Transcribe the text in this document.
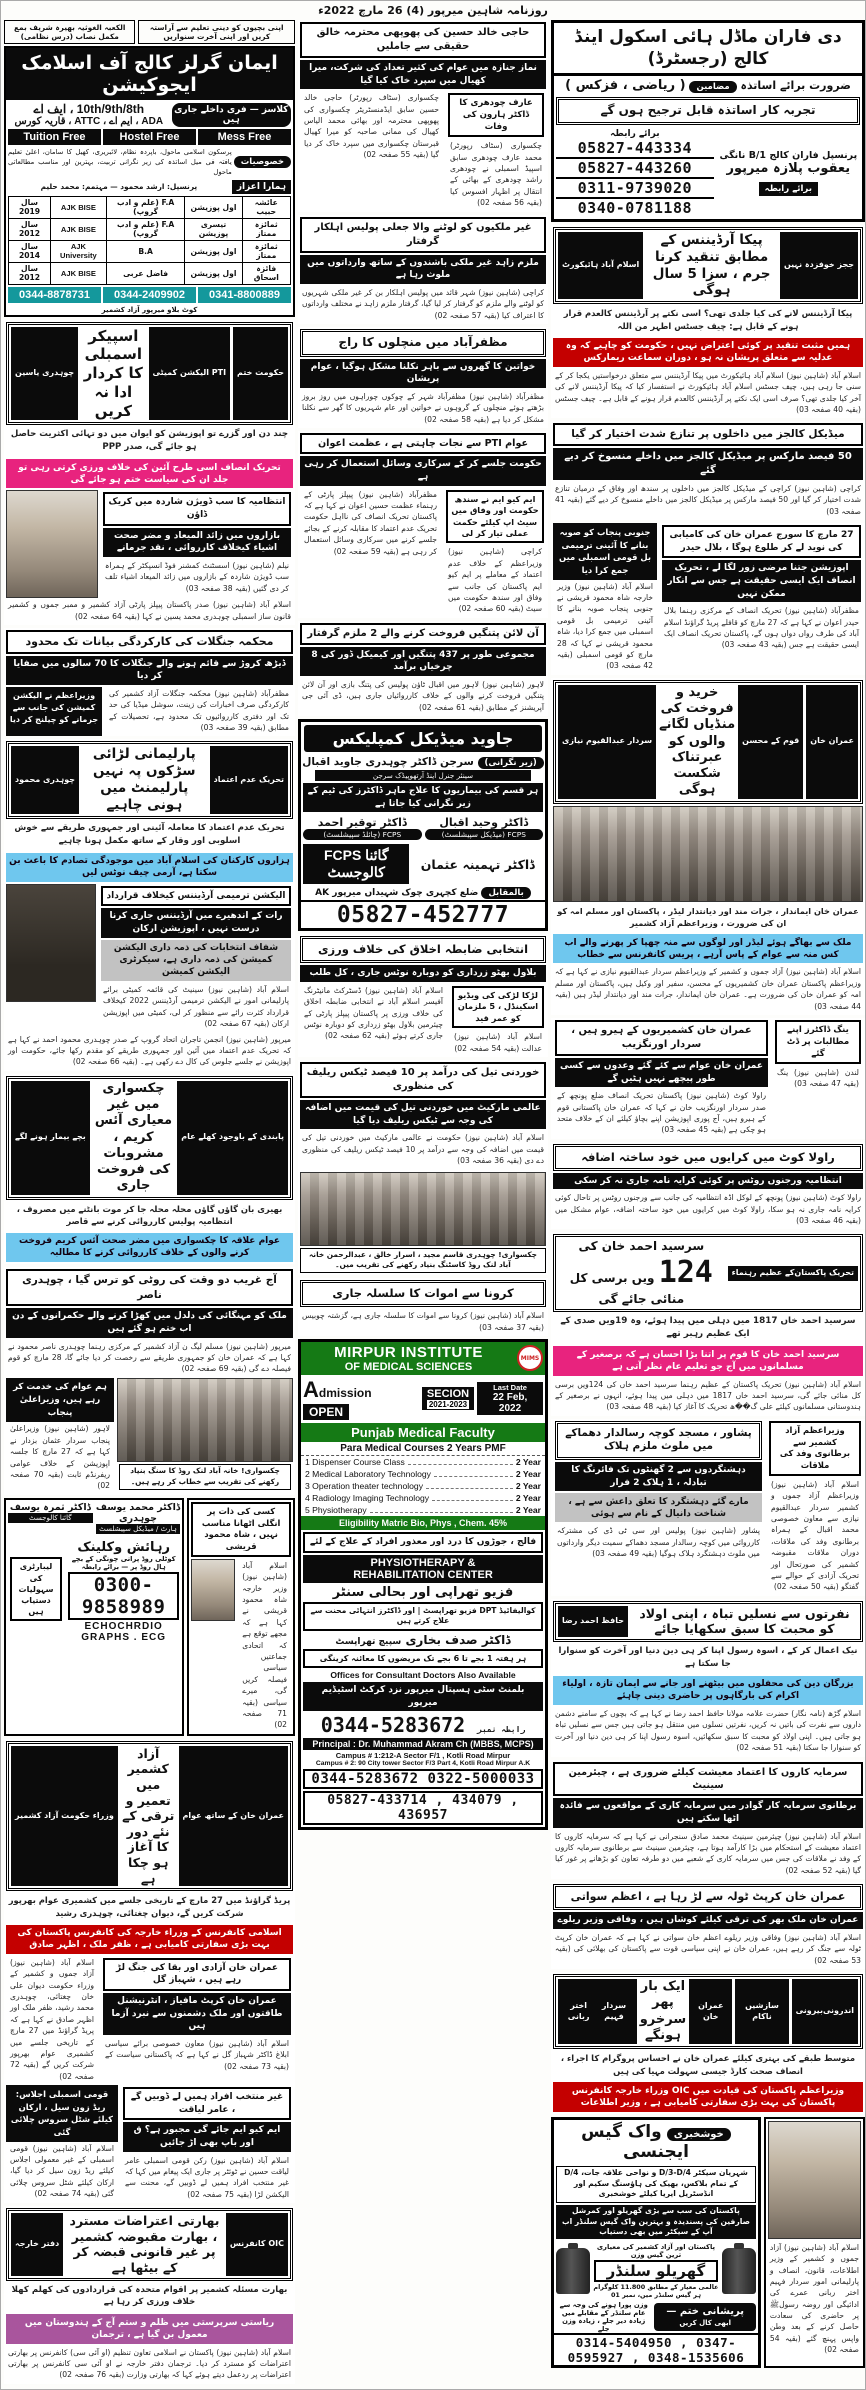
روزنامہ شاہین میرپور (4) 26 مارچ 2022ء
الکعبہ الغوثیہ بھیرہ شریف بمع مکمل نصاب (درس نظامی)
اپنی بچیوں کو دینی تعلیم سے آراستہ کریں اور اپنی آخرت سنواریں
ایمان گرلز کالج آف اسلامک ایجوکیشن
کلاسز — فری داخلے جاری ہیں
10th/9th/8th ، ایف اے
ADA ، ایم اے ، ATTC ، قاریہ کورس
Tuition Free	Hostel Free	Mess Free
خصوصیات
پرسکون اسلامی ماحول، باپردہ نظام، لائبریری، کھیل کا سامان، اعلیٰ تعلیم یافتہ فی میل اساتذہ کی زیر نگرانی تربیت، بہترین اور مناسب مطالعاتی ماحول
ہمارا اعزاز
پرنسپل: ارشد محمود — مہتمم: محمد حلیم
عائشہ حبیب	اول پوزیشن	F.A (علم و ادب گروپ)	AJK BISE	سال 2019
ثمائزہ ممتاز	تیسری پوزیشن	F.A (علم و ادب گروپ)	AJK BISE	سال 2012
ثمائزہ ممتاز	اول پوزیشن	B.A	AJK University	سال 2014
فائزہ اسحاق	اول پوزیشن	فاضل عربی	AJK BISE	سال 2012
0341-8800889
0344-2409902
0344-8878731
کوٹ بلاو میرپور آزاد کشمیر
حکومت ختم
PTI الیکشن کمیٹی
اسپیکر اسمبلی کا کردار ادا نہ کریں
چوہدری یاسین
چند دن اور گزرے تو اپوزیشن کو ایوان میں دو تہائی اکثریت حاصل ہو جائے گی، صدر PPP
تحریک انصاف اسی طرح آئین کی خلاف ورزی کرتی رہی تو جلد ان کی سیاست ختم ہو جائے گی
انتظامیہ کا سب ڈویژن شاردہ میں کریک ڈاؤن
بازاروں میں زائد المیعاد و مضر صحت اشیاء کیخلاف کارروائی ، نقد جرمانے
نیلم (شاہین نیوز) اسسٹنٹ کمشنر فوڈ انسپکٹر کے ہمراہ سب ڈویژن شاردہ کے بازاروں میں زائد المیعاد اشیاء تلف کر دی گئیں (بقیہ 38 صفحہ 03)
اسلام آباد (شاہین نیوز) صدر پاکستان پیپلز پارٹی آزاد کشمیر و ممبر جموں و کشمیر قانون ساز اسمبلی چوہدری محمد یسین نے کہا (بقیہ 64 صفحہ 02)
محکمہ جنگلات کی کارکردگی بیانات تک محدود
ڈیڑھ کروڑ سے قائم ہونے والے جنگلات کا 70 سالوں میں صفایا کر دیا
وزیراعظم نے الیکشن کمیشن کی جانب سے جرمانے کو چیلنج کر دیا
مظفرآباد (شاہین نیوز) محکمہ جنگلات آزاد کشمیر کی کارکردگی صرف اخبارات کی زینت، سوشل میڈیا کی حد تک اور دفتری کارروائیوں تک محدود ہے، تحصیلات کے مطابق (بقیہ 39 صفحہ 03)
تحریک عدم اعتماد
پارلیمانی لڑائی سڑکوں پہ نہیں پارلیمنٹ میں ہونی چاہیے
چوہدری محمود
تحریک عدم اعتماد کا معاملہ آئینی اور جمہوری طریقے سے خوش اسلوبی اور وقار کے ساتھ مکمل ہونا چاہیے
ہزاروں کارکنان کی اسلام آباد میں موجودگی تصادم کا باعث بن سکتا ہے، آرمی چیف نوٹس لیں
الیکشن ترمیمی آرڈیننس کیخلاف قرارداد
رات کے اندھیرے میں آرڈیننس جاری کرنا درست نہیں ، اپوزیشن ارکان
شفاف انتخابات کی ذمہ داری الیکشن کمیشن کی ذمہ داری ہے، سیکرٹری الیکشن کمیشن
اسلام آباد (شاہین نیوز) سینیٹ کی قائمہ کمیٹی برائے پارلیمانی امور نے الیکشن ترمیمی آرڈیننس 2022 کیخلاف قرارداد کثرت رائے سے منظور کر لی، کمیٹی میں اپوزیشن ارکان (بقیہ 67 صفحہ 02)
میرپور (شاہین نیوز) انجمن تاجران اتحاد گروپ کے صدر چوہدری محمود احمد نے کہا ہے کہ تحریک عدم اعتماد میں آئین اور جمہوری طریقے کو مقدم رکھا جائے، حکومت اور اپوزیشن نے جلسے جلوس کی کال دے رکھی ہے۔ (بقیہ 66 صفحہ 02)
پابندی کے باوجود کھلے عام
چکسواری میں غیر معیاری آئس کریم ، مشروبات کی فروخت جاری
بچے بیمار ہونے لگے
بھیری بان گاؤں گاؤں محلہ محلہ جا کر موت بانٹنے میں مصروف ، انتظامیہ پولیس کارروائی کرنے سے قاصر
عوام علاقہ کا چکسواری میں مضر صحت آئس کریم فروخت کرنے والوں کے خلاف کارروائی کرنے کا مطالبہ
آج غریب دو وقت کی روٹی کو ترس گیا ، چوہدری ناصر
ملک کو مہنگائی کی دلدل میں کھڑا کرنے والے حکمرانوں کے دن اب ختم ہو گئے ہیں
میرپور (شاہین نیوز) مسلم لیگ ن آزاد کشمیر کے مرکزی رہنما چوہدری ناصر محمود نے کہا ہے کہ عمران خان کو جمہوری طریقے سے رخصت کر دیا جائے گا، 28 مارچ کو قوم فیصلہ دے گی (بقیہ 69 صفحہ 02)
ہم عوام کی خدمت کر رہے ہیں، وزیراعلیٰ پنجاب
لاہور (شاہین نیوز) وزیراعلیٰ پنجاب سردار عثمان بزدار نے کہا ہے کہ 27 مارچ کا جلسہ اپوزیشن کے خلاف عوامی ریفرنڈم ثابت (بقیہ 70 صفحہ 02)
چکسواری! خانہ آباد لنک روڈ کا سنگ بنیاد رکھنے کی تقریب سے خطاب کر رہے ہیں۔
ڈاکٹر ثمرہ یوسف
گائنا کالوجسٹ
ڈاکٹر محمد یوسف چوہدری
ہارٹ / میڈیکل سپیشلسٹ
لیبارٹری کی سہولیات دستیاب ہیں
رہائش وکلینک
کوٹلی روڈ پرانی چونگی کے بچے ہال روڈ پر — برائے رابطہ
0300-9858989
ECHOCHRDIO GRAPHS . ECG
کسی کی ذات پر انگلی اٹھانا مناسب نہیں ، شاہ محمود قریشی
اسلام آباد (شاہین نیوز) وزیر خارجہ شاہ محمود قریشی نے کہا ہے کہ مجھے توقع ہے کہ اتحادی جماعتیں سیاسی فیصلہ کریں گی، میرے سیاسی (بقیہ 71 صفحہ 02)
عمران خان کے ساتھ عوام
آزاد کشمیر میں تعمیر و ترقی کے نئے دور کا آغاز ہو چکا ہے
وزراء حکومت آزاد کشمیر
پریڈ گراؤنڈ میں 27 مارچ کے تاریخی جلسے میں کشمیری عوام بھرپور شرکت کریں گے، دیوان چغتائی، چوہدری رشید
اسلامی کانفرنس کے وزراء خارجہ کی کانفرنس پاکستان کی بہت بڑی سفارتی کامیابی ہے ، ظفر ملک ، اظہر صادق
اسلام آباد (شاہین نیوز) آزاد جموں و کشمیر کے وزراء حکومت دیوان علی خان چغتائی، چوہدری محمد رشید، ظفر ملک اور اظہر صادق نے کہا ہے کہ پریڈ گراؤنڈ میں 27 مارچ کے تاریخی جلسے میں کشمیری عوام بھرپور شرکت کریں گے (بقیہ 72 صفحہ 02)
عمران خان آزادی اور بقا کی جنگ لڑ رہے ہیں ، شہباز گل
عمران خان کرپٹ مافیاز ، انٹرنیشنل طاقتوں اور ملک دشمنوں سے نبرد آزما ہیں
اسلام آباد (شاہین نیوز) معاون خصوصی برائے سیاسی ابلاغ ڈاکٹر شہباز گل نے کہا ہے کہ پاکستانی سیاست کے (بقیہ 73 صفحہ 02)
قومی اسمبلی اجلاس: ریڈ زون سیل ، ارکان کیلئے شٹل سروس چلائی گئی
اسلام آباد (شاہین نیوز) قومی اسمبلی کے غیر معمولی اجلاس کیلئے ریڈ زون سیل کر دیا گیا، ارکان کیلئے شٹل سروس چلائی گئی (بقیہ 74 صفحہ 02)
غیر منتخب افراد ہمیں لے ڈوبیں گے ، عامر لیاقت
ایم کیو ایم جائے گی مجبور ہے؟ ق اور باپ بھی اڑ جائیں
اسلام آباد (شاہین نیوز) رکن قومی اسمبلی عامر لیاقت حسین نے ٹوئٹر پر جاری ایک پیغام میں کہا کہ غیر منتخب افراد ہمیں لے ڈوبیں گے، محنت سے الیکشن لڑا (بقیہ 75 صفحہ 02)
OIC کانفرنس
بھارتی اعتراضات مسترد ، بھارت مقبوضہ کشمیر پر غیر قانونی قبضہ کر کے بیٹھا ہے
دفتر خارجہ
بھارت مسئلہ کشمیر پر اقوام متحدہ کی قراردادوں کی کھلم کھلا خلاف ورزی کر رہا ہے
ریاستی سرپرستی میں ظلم و ستم آج کے ہندوستان میں معمول بن گیا ہے ، ترجمان
اسلام آباد (شاہین نیوز) پاکستان نے اسلامی تعاون تنظیم (او آئی سی) کانفرنس پر بھارتی اعتراضات کو مسترد کر دیا۔ ترجمان دفتر خارجہ نے او آئی سی کانفرنس پر بھارتی اعتراضات پر ردعمل دیتے ہوئے کہا کہ بھارتی وزارت (بقیہ 76 صفحہ 02)
حاجی خالد حسین کی پھوپھی محترمہ خالق حقیقی سے جاملیں
نماز جنازہ میں عوام کی کثیر تعداد کی شرکت، میرا کھیال میں سپرد خاک کیا گیا
چکسواری (سٹاف رپورٹر) حاجی خالد حسین سابق ایڈمنسٹریٹر چکسواری کی پھوپھی محترمہ اور بھائی محمد الیاس کھیال کی ممانی صاحبہ کو میرا کھیال قبرستان چکسواری میں سپرد خاک کر دیا گیا (بقیہ 55 صفحہ 02)
عارف چودھری کا ڈاکٹر ہارون کی وفات
چکسواری (سٹاف رپورٹر) محمد عارف چودھری سابق اسپیڈ اسمبلی نے چودھری راشد چودھری کے بھائی کے انتقال پر اظہار افسوس کیا (بقیہ 56 صفحہ 02)
غیر ملکیوں کو لوٹنے والا جعلی پولیس اہلکار گرفتار
ملزم زاہد غیر ملکی باشندوں کے ساتھ وارداتوں میں ملوث رہا ہے
کراچی (شاہین نیوز) شہر قائد میں پولیس اہلکار بن کر غیر ملکی شہریوں کو لوٹنے والے ملزم کو گرفتار کر لیا گیا، گرفتار ملزم زاہد نے مختلف وارداتوں کا اعتراف کیا (بقیہ 57 صفحہ 02)
مظفرآباد میں منچلوں کا راج
خواتین کا گھروں سے باہر نکلنا مشکل ہوگیا ، عوام پریشان
مظفرآباد (شاہین نیوز) مظفرآباد شہر کے چوکوں چوراہوں میں روز بروز بڑھتے ہوئے منچلوں کے گروہوں نے خواتین اور عام شہریوں کا گھر سے نکلنا مشکل کر دیا ہے (بقیہ 58 صفحہ 02)
عوام PTI سے نجات چاہتی ہے ، عظمت اعوان
حکومت جلسے کر کے سرکاری وسائل استعمال کر رہی ہے
مظفرآباد (شاہین نیوز) پیپلز پارٹی کے رہنماء عظمت حسین اعوان نے کہا ہے کہ پاکستان تحریک انصاف کی نااہل حکومت تحریک عدم اعتماد کا مقابلہ کرنے کے بجائے جلسے کرنے میں سرکاری وسائل استعمال کر رہی ہے (بقیہ 59 صفحہ 02)
ایم کیو ایم نے سندھ حکومت اور وفاق میں سیٹ اپ کیلئے حکمت عملی تیار کر لی
کراچی (شاہین نیوز) وزیراعظم کے خلاف عدم اعتماد کے معاملے پر ایم کیو ایم پاکستان کی جانب سے وفاق اور سندھ حکومت میں سیٹ (بقیہ 60 صفحہ 02)
آن لائن پتنگیں فروخت کرنے والے 2 ملزم گرفتار
مجموعی طور پر 437 پتنگیں اور کیمیکل ڈور کی 8 چرخیاں برآمد
لاہور (شاہین نیوز) لاہور میں اقبال ٹاؤن پولیس کی پتنگ بازی اور آن لائن پتنگیں فروخت کرنے والوں کے خلاف کارروائیاں جاری ہیں، ڈی آئی جی آپریشنز کے مطابق (بقیہ 61 صفحہ 02)
جاوید میڈیکل کمپلیکس
(زیر نگرانی) سرجن ڈاکٹر چوہدری جاوید اقبال
سینئر جنرل اینڈ آرتھوپیڈک سرجن
ہر قسم کی بیماریوں کا علاج ماہر ڈاکٹرز کی ٹیم کے زیر نگرانی کیا جاتا ہے
ڈاکٹر توقیر احمد
FCPS (چائلڈ سپیشلسٹ)
ڈاکٹر وحید اقبال
FCPS (میڈیکل سپیشلسٹ)
FCPS گائنا کالوجسٹ	ڈاکٹر تہمینہ عثمان
بالمقابل ضلع کچہری چوک شہیداں میرپور AK
05827-452777
انتخابی ضابطہ اخلاق کی خلاف ورزی
بلاول بھٹو زرداری کو دوبارہ نوٹس جاری ، کل طلب
اسلام آباد (شاہین نیوز) ڈسٹرکٹ مانیٹرنگ آفیسر اسلام آباد نے انتخابی ضابطہ اخلاق کی خلاف ورزی پر پاکستان پیپلز پارٹی کے چیئرمین بلاول بھٹو زرداری کو دوبارہ نوٹس جاری کرتے ہوئے (بقیہ 62 صفحہ 02)
لڑکا لڑکی کی ویڈیو اسکینڈل ، 5 ملزمان کو عمر قید
اسلام آباد (شاہین نیوز) عدالت (بقیہ 54 صفحہ 02)
خوردنی تیل کی درآمد پر 10 فیصد ٹیکس ریلیف کی منظوری
عالمی مارکیٹ میں خوردنی تیل کی قیمت میں اضافہ کی وجہ سے ٹیکس ریلیف دیا گیا
اسلام آباد (شاہین نیوز) حکومت نے عالمی مارکیٹ میں خوردنی تیل کی قیمت میں اضافہ کی وجہ سے درآمد پر 10 فیصد ٹیکس ریلیف کی منظوری دے دی (بقیہ 36 صفحہ 03)
چکسواری! چوہدری قاسم مجید ، اسرار خالق ، عبدالرحمن خانہ آباد لنک روڈ کاسٹنگ بنیاد رکھنے کی تقریب میں۔
کرونا سے اموات کا سلسلہ جاری
اسلام آباد (شاہین نیوز) کرونا سے اموات کا سلسلہ جاری ہے، گزشتہ چوبیس (بقیہ 37 صفحہ 03)
MIRPUR INSTITUTE
OF MEDICAL SCIENCES
MIMS
Admission OPEN
SECION
2021-2023
Last Date
22 Feb, 2022
Punjab Medical Faculty
Para Medical Courses 2 Years PMF
1
Dispenser Course Class	2 Year
2
Medical Laboratory Technology	2 Year
3
Operation theater technology	2 Year
4
Radiology Imaging Technology	2 Year
5
Physiotherapy	2 Year
Eligibility Matric Bio, Phys , Chem. 45%
فالج ، جوڑوں کا درد اور معذور افراد کے علاج کے لئے
PHYSIOTHERAPY &
REHABILITATION CENTER
فزیو تھراپی اور بحالی سنٹر
کوالیفائیڈ DPT فزیو تھراپسٹ | اور ڈاکٹرز انتہائی محنت سے علاج کرتے ہیں
ڈاکٹر صدف بخاری سپیچ تھراپسٹ
ہر ہفتہ 1 بجے تا 6 بجے تک مریضوں کا معائنہ کرینگی
Offices for Consultant Doctors Also Available
بلمنٹ سٹی ہسپتال میرپور نزد کرکٹ اسٹیڈیم میرپور
0344-5283672 رابطہ نمبر
Principal : Dr. Muhammad Akram Ch (MBBS, MCPS)
Campus # 1:212-A Sector F/1 , Kotli Road Mirpur
Campus # 2: 90 City tower Sector F/3 Part 4, Kotli Road Mirpur A.K
0344-5283672 0322-5000033
05827-433714 , 434079 , 436957
دی فاران ماڈل ہائی اسکول اینڈ کالج (رجسٹرڈ)
ضرورت برائے اساتذہ مضامین ( ریاضی ، فزکس )
تجربہ کار اساتذہ قابل ترجیح ہوں گے
برائے رابطہ
05827-443334
05827-443260
0311-9739020
0340-0781188
پرنسپل فاران کالج B/1 نانگی
یعقوب پلازہ میرپور
برائے رابطہ
ججز خوفزدہ نہیں
پیکا آرڈیننس کے مطابق تنقید کرنا جرم ، سزا 5 سال ہوگی
اسلام آباد ہائیکورٹ
پیکا آرڈیننس لانے کی کیا جلدی تھی؟ اسی نکتے پر آرڈیننس کالعدم قرار ہونے کے قابل ہے: چیف جسٹس اطہر من اللہ
ہمیں مثبت تنقید پر کوئی اعتراض نہیں ، حکومت کو چاہیے کہ وہ عدلیہ سے متعلق پریشان نہ ہو ، دوران سماعت ریمارکس
اسلام آباد (شاہین نیوز) اسلام آباد ہائیکورٹ میں پیکا آرڈیننس سے متعلق درخواستیں یکجا کر کے سنی جا رہی ہیں، چیف جسٹس اسلام آباد ہائیکورٹ نے استفسار کیا کہ پیکا آرڈیننس لانے کی آخر کیا جلدی تھی؟ صرف اسی ایک نکتے پر آرڈیننس کالعدم قرار ہونے کے قابل ہے۔ چیف جسٹس (بقیہ 40 صفحہ 03)
میڈیکل کالجز میں داخلوں پر تنازع شدت اختیار کر گیا
50 فیصد مارکس پر میڈیکل کالجز میں داخلے منسوخ کر دیے گئے
کراچی (شاہین نیوز) کراچی کے میڈیکل کالجز میں داخلوں پر سندھ اور وفاق کے درمیان تنازع شدت اختیار کر گیا اور 50 فیصد مارکس پر میڈیکل کالجز میں داخلے منسوخ کر دیے گئے (بقیہ 41 صفحہ 03)
جنوبی پنجاب کو صوبہ بنانے کا آئینی ترمیمی بل قومی اسمبلی میں جمع کرا دیا
اسلام آباد (شاہین نیوز) وزیر خارجہ شاہ محمود قریشی نے جنوبی پنجاب صوبہ بنانے کا آئینی ترمیمی بل قومی اسمبلی میں جمع کرا دیا، شاہ محمود قریشی نے کہا کہ 28 مارچ کو قومی اسمبلی (بقیہ 42 صفحہ 03)
27 مارچ کا سورج عمران خان کی کامیابی کی نوید لے کر طلوع ہوگا ، بلال حیدر
اپوزیشن جتنا مرضی زور لگا لے ، تحریک انصاف ایک ایسی حقیقت ہے جس سے انکار ممکن نہیں
مظفرآباد (شاہین نیوز) تحریک انصاف کے مرکزی رہنما بلال حیدر اعوان نے کہا ہے کہ 27 مارچ کو قافلے پریڈ گراؤنڈ اسلام آباد کی طرف رواں دواں ہوں گے، پاکستان تحریک انصاف ایک ایسی حقیقت ہے جس (بقیہ 43 صفحہ 03)
عمران خان
قوم کے محسن
خرید و فروخت کی منڈیاں لگانے والوں کو عبرتناک شکست ہوگی
سردار عبدالقیوم نیازی
عمران خان ایماندار ، جرات مند اور دیانتدار لیڈر ، پاکستان اور مسلم امہ کو ان کی ضرورت ، وزیراعظم آزاد کشمیر
ملک سے بھاگے ہوئے لیڈر اور لوگوں سے منہ چھپا کر پھرنے والے اب کس منہ سے عوام کے پاس آرہے ، پریس کانفرنس سے خطاب
اسلام آباد (شاہین نیوز) آزاد جموں و کشمیر کے وزیراعظم سردار عبدالقیوم نیازی نے کہا ہے کہ وزیراعظم پاکستان عمران خان کشمیریوں کے محسن، سفیر اور وکیل ہیں، پاکستان اور مسلم امہ کو عمران خان کی ضرورت ہے۔ عمران خان ایماندار، جرات مند اور دیانتدار لیڈر ہیں (بقیہ 44 صفحہ 03)
عمران خان کشمیریوں کے ہیرو ہیں ، سردار اورنگزیب
عمران خان عوام سے کئے گئے وعدوں سے کسی طور پیچھے نہیں ہٹیں گے
راولا کوٹ (شاہین نیوز) پاکستان تحریک انصاف ضلع پونچھ کے صدر سردار اورنگزیب خان نے کہا کہ عمران خان پاکستانی قوم کے ہیرو ہیں، آج پوری اپوزیشن اپنے بچاؤ کیلئے ان کے خلاف متحد ہو چکی ہے (بقیہ 45 صفحہ 03)
ینگ ڈاکٹرز اپنے مطالبات پر ڈٹ گئے
لندن (شاہین نیوز) ینگ (بقیہ 47 صفحہ 03)
راولا کوٹ میں کرایوں میں خود ساختہ اضافہ
انتظامیہ ورجنوں روٹس پر کوئی کرایہ نامہ جاری نہ کر سکی
راولا کوٹ (شاہین نیوز) پونچھ کے لوکل اڈہ انتظامیہ کی جانب سے ورجنوں روٹس پر تاحال کوئی کرایہ نامہ جاری نہ ہو سکا، راولا کوٹ میں کرایوں میں خود ساختہ اضافہ، عوام مشکل میں (بقیہ 46 صفحہ 03)
تحریک پاکستان
کے عظیم رہنماء
سرسید احمد خان کی 124 ویں برسی کل منائی جائے گی
سرسید احمد خاں 1817 میں دہلی میں پیدا ہوئے، وہ 19ویں صدی کے ایک عظیم رہبر تھے
سرسید احمد خان کا قوم پر اتنا بڑا احسان ہے کہ برصغیر کے مسلمانوں میں آج جو تعلیم عام نظر آتی ہے
اسلام آباد (شاہین نیوز) تحریک پاکستان کے عظیم رہنما سرسید احمد خاں کی 124ویں برسی کل منائی جائے گی، سرسید احمد خاں 1817 میں دہلی میں پیدا ہوئے، انہوں نے برصغیر کے ہندوستانی مسلمانوں کیلئے علی گ��ھ تحریک کا آغاز کیا (بقیہ 48 صفحہ 03)
پشاور ، مسجد کوچہ رسالدار دھماکے میں ملوث ملزم ہلاک
دہشتگردوں سے 2 گھنٹوں تک فائرنگ کا تبادلہ ، 1 ہلاک 2 فرار
مارے گئے دہشتگرد کا تعلق داعش سے ہے ، شناخت دانیال کے نام سے ہوئی
پشاور (شاہین نیوز) پولیس اور سی ٹی ڈی کی مشترکہ کارروائی میں کوچہ رسالدار مسجد دھماکے سمیت دیگر وارداتوں میں ملوث دہشتگرد ہلاک ہوگیا (بقیہ 49 صفحہ 03)
وزیراعظم آزاد کشمیر سے برطانوی وفد کی ملاقات
اسلام آباد (شاہین نیوز) وزیراعظم آزاد جموں و کشمیر سردار عبدالقیوم نیازی سے معاون خصوصی محمد اقبال کے ہمراہ برطانوی وفد کی ملاقات، دوران ملاقات مقبوضہ کشمیر کی صورتحال اور تحریک آزادی کے حوالے سے گفتگو (بقیہ 50 صفحہ 02)
نفرتوں سے نسلیں تباہ ، اپنی اولاد کو محبت کا سبق سکھایا جائے
حافظ احمد رضا
نیک اعمال کر کے ، اسوہ رسول اپنا کر ہی دین دنیا اور آخرت کو سنوارا جا سکتا ہے
بزرگان دین کی محفلوں میں بیٹھنے اور جانے سے ایمان تازہ ، اولیاء اکرام کی بارگاہوں پر حاضری دینی چاہئے
اسلام گڑھ (نامہ نگار) حضرت علامہ مولانا حافظ احمد رضا نے کہا ہے کہ بچوں کے سامنے دشمن داروں سے نفرت کی باتیں نہ کریں، نفرتیں نسلوں میں منتقل ہو جاتی ہیں جس سے نسلیں تباہ ہو جاتی ہیں۔ اپنی اولاد کو محبت کا سبق سکھائیں، اسوہ رسول اپنا کر ہی دین دنیا اور آخرت کو سنوارا جا سکتا (بقیہ 51 صفحہ 02)
سرمایہ کاروں کا اعتماد معیشت کیلئے ضروری ہے ، چیئرمین سینیٹ
برطانوی سرمایہ کار گوادر میں سرمایہ کاری کے مواقعوں سے فائدہ اٹھا سکتے ہیں
اسلام آباد (شاہین نیوز) چیئرمین سینیٹ محمد صادق سنجرانی نے کہا ہے کہ سرمایہ کاروں کا اعتماد معیشت کے استحکام میں بڑا کارآمد ہوتا ہے، چیئرمین سینیٹ سے برطانوی سرمایہ کاروں کے وفد نے ملاقات کی جس میں سرمایہ کاری کے شعبے میں دو طرفہ تعاون کو بڑھانے پر غور کیا گیا (بقیہ 52 صفحہ 02)
عمران خان کرپٹ ٹولہ سے لڑ رہا ہے ، اعظم سواتی
عمران خان ملک بھر کی ترقی کیلئے کوشاں ہیں ، وفاقی وزیر ریلوے
اسلام آباد (شاہین نیوز) وفاقی وزیر ریلوے اعظم خان سواتی نے کہا ہے کہ عمران خان کرپٹ ٹولہ سے جنگ کر رہے ہیں، عمران خان نے اپنی سیاسی قوت سے پاکستان کی بھلائی کی (بقیہ 53 صفحہ 02)
اندرونی
بیرونی
سازشیں ناکام
عمران خان
ایک بار پھر سرخرو ہونگے
سردار فہیم
اختر ربانی
متوسط طبقے کی بہتری کیلئے عمران خان نے احساس پروگرام کا اجراء ، انصاف صحت کارڈ جیسی سہولت مہیا کی ہیں
وزیراعظم پاکستان کی قیادت میں OIC وزراء خارجہ کانفرنس پاکستان کی بہت بڑی سفارتی کامیابی ہے ، وزیر اطلاعات
خوشخبری واک گیس ایجنسی
شہریان سیکٹر D/3-D/4 و نواحی علاقہ جات، D/4 کے تمام بلاکس، بھیک کی ہاؤسنگ سکیم اور انڈسٹریل ایریا کیلئے خوشخبری
پاکستان کی سب سے بڑی گھریلو اور کمرشل صارفین کی پسندیدہ و بہترین واک گیس سلنڈر اب آپ کے سیکٹر میں بھی دستیاب
پاکستان اور آزاد کشمیر کی معیاری ترین گیس وزن
گھریلو سلنڈر
عالمی معیار کے مطابق 11.800 کلوگرام ہر گیس سلنڈر میں، نمبر 01
وزن پورا ہونے کی وجہ سے عام سلنڈر کے مقابلے میں زیادہ دیر جلے ، زیادہ وزن جلے
پریشانی ختم — ابھی کال کریں
0314-5404950 , 0347-0595927 , 0348-1535606
اسلام آباد (شاہین نیوز) آزاد جموں و کشمیر کے وزیر اطلاعات، قانون، انصاف و پارلیمانی امور سردار فہیم اختر ربانی عمرے کی ادائیگی اور روضہ رسولﷺ پر حاضری کی سعادت حاصل کرنے کے بعد وطن واپس پہنچ گئے (بقیہ 54 صفحہ 02)
